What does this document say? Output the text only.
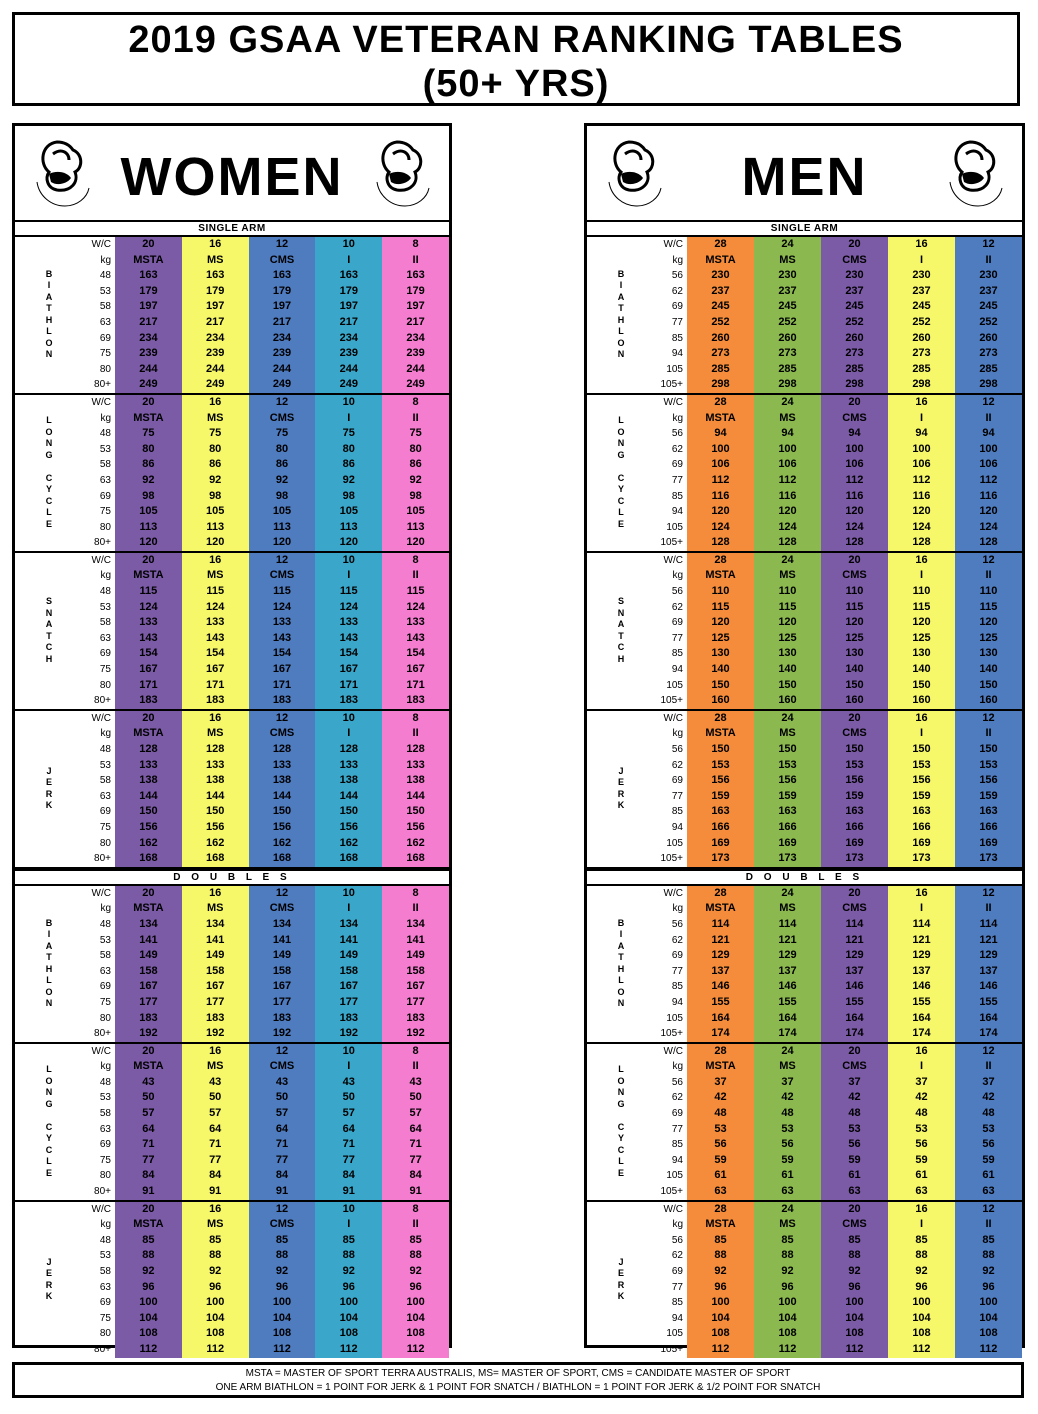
2019 GSAA VETERAN RANKING TABLES
(50+ YRS)
WOMEN
SINGLE ARM
B
I
A
T
H
L
O
N
W/C
kg
48
53
58
63
69
75
80
80+
20
MSTA
163
179
197
217
234
239
244
249
16
MS
163
179
197
217
234
239
244
249
12
CMS
163
179
197
217
234
239
244
249
10
I
163
179
197
217
234
239
244
249
8
II
163
179
197
217
234
239
244
249
L
O
N
G

C
Y
C
L
E
W/C
kg
48
53
58
63
69
75
80
80+
20
MSTA
75
80
86
92
98
105
113
120
16
MS
75
80
86
92
98
105
113
120
12
CMS
75
80
86
92
98
105
113
120
10
I
75
80
86
92
98
105
113
120
8
II
75
80
86
92
98
105
113
120
S
N
A
T
C
H
W/C
kg
48
53
58
63
69
75
80
80+
20
MSTA
115
124
133
143
154
167
171
183
16
MS
115
124
133
143
154
167
171
183
12
CMS
115
124
133
143
154
167
171
183
10
I
115
124
133
143
154
167
171
183
8
II
115
124
133
143
154
167
171
183
J
E
R
K
W/C
kg
48
53
58
63
69
75
80
80+
20
MSTA
128
133
138
144
150
156
162
168
16
MS
128
133
138
144
150
156
162
168
12
CMS
128
133
138
144
150
156
162
168
10
I
128
133
138
144
150
156
162
168
8
II
128
133
138
144
150
156
162
168
D O U B L E S
B
I
A
T
H
L
O
N
W/C
kg
48
53
58
63
69
75
80
80+
20
MSTA
134
141
149
158
167
177
183
192
16
MS
134
141
149
158
167
177
183
192
12
CMS
134
141
149
158
167
177
183
192
10
I
134
141
149
158
167
177
183
192
8
II
134
141
149
158
167
177
183
192
L
O
N
G

C
Y
C
L
E
W/C
kg
48
53
58
63
69
75
80
80+
20
MSTA
43
50
57
64
71
77
84
91
16
MS
43
50
57
64
71
77
84
91
12
CMS
43
50
57
64
71
77
84
91
10
I
43
50
57
64
71
77
84
91
8
II
43
50
57
64
71
77
84
91
J
E
R
K
W/C
kg
48
53
58
63
69
75
80
80+
20
MSTA
85
88
92
96
100
104
108
112
16
MS
85
88
92
96
100
104
108
112
12
CMS
85
88
92
96
100
104
108
112
10
I
85
88
92
96
100
104
108
112
8
II
85
88
92
96
100
104
108
112
MEN
SINGLE ARM
B
I
A
T
H
L
O
N
W/C
kg
56
62
69
77
85
94
105
105+
28
MSTA
230
237
245
252
260
273
285
298
24
MS
230
237
245
252
260
273
285
298
20
CMS
230
237
245
252
260
273
285
298
16
I
230
237
245
252
260
273
285
298
12
II
230
237
245
252
260
273
285
298
L
O
N
G

C
Y
C
L
E
W/C
kg
56
62
69
77
85
94
105
105+
28
MSTA
94
100
106
112
116
120
124
128
24
MS
94
100
106
112
116
120
124
128
20
CMS
94
100
106
112
116
120
124
128
16
I
94
100
106
112
116
120
124
128
12
II
94
100
106
112
116
120
124
128
S
N
A
T
C
H
W/C
kg
56
62
69
77
85
94
105
105+
28
MSTA
110
115
120
125
130
140
150
160
24
MS
110
115
120
125
130
140
150
160
20
CMS
110
115
120
125
130
140
150
160
16
I
110
115
120
125
130
140
150
160
12
II
110
115
120
125
130
140
150
160
J
E
R
K
W/C
kg
56
62
69
77
85
94
105
105+
28
MSTA
150
153
156
159
163
166
169
173
24
MS
150
153
156
159
163
166
169
173
20
CMS
150
153
156
159
163
166
169
173
16
I
150
153
156
159
163
166
169
173
12
II
150
153
156
159
163
166
169
173
D O U B L E S
B
I
A
T
H
L
O
N
W/C
kg
56
62
69
77
85
94
105
105+
28
MSTA
114
121
129
137
146
155
164
174
24
MS
114
121
129
137
146
155
164
174
20
CMS
114
121
129
137
146
155
164
174
16
I
114
121
129
137
146
155
164
174
12
II
114
121
129
137
146
155
164
174
L
O
N
G

C
Y
C
L
E
W/C
kg
56
62
69
77
85
94
105
105+
28
MSTA
37
42
48
53
56
59
61
63
24
MS
37
42
48
53
56
59
61
63
20
CMS
37
42
48
53
56
59
61
63
16
I
37
42
48
53
56
59
61
63
12
II
37
42
48
53
56
59
61
63
J
E
R
K
W/C
kg
56
62
69
77
85
94
105
105+
28
MSTA
85
88
92
96
100
104
108
112
24
MS
85
88
92
96
100
104
108
112
20
CMS
85
88
92
96
100
104
108
112
16
I
85
88
92
96
100
104
108
112
12
II
85
88
92
96
100
104
108
112
MSTA = MASTER OF SPORT TERRA AUSTRALIS, MS= MASTER OF SPORT, CMS = CANDIDATE MASTER OF SPORT
ONE ARM BIATHLON = 1 POINT FOR JERK & 1 POINT FOR SNATCH / BIATHLON = 1 POINT FOR JERK & 1/2 POINT FOR SNATCH
